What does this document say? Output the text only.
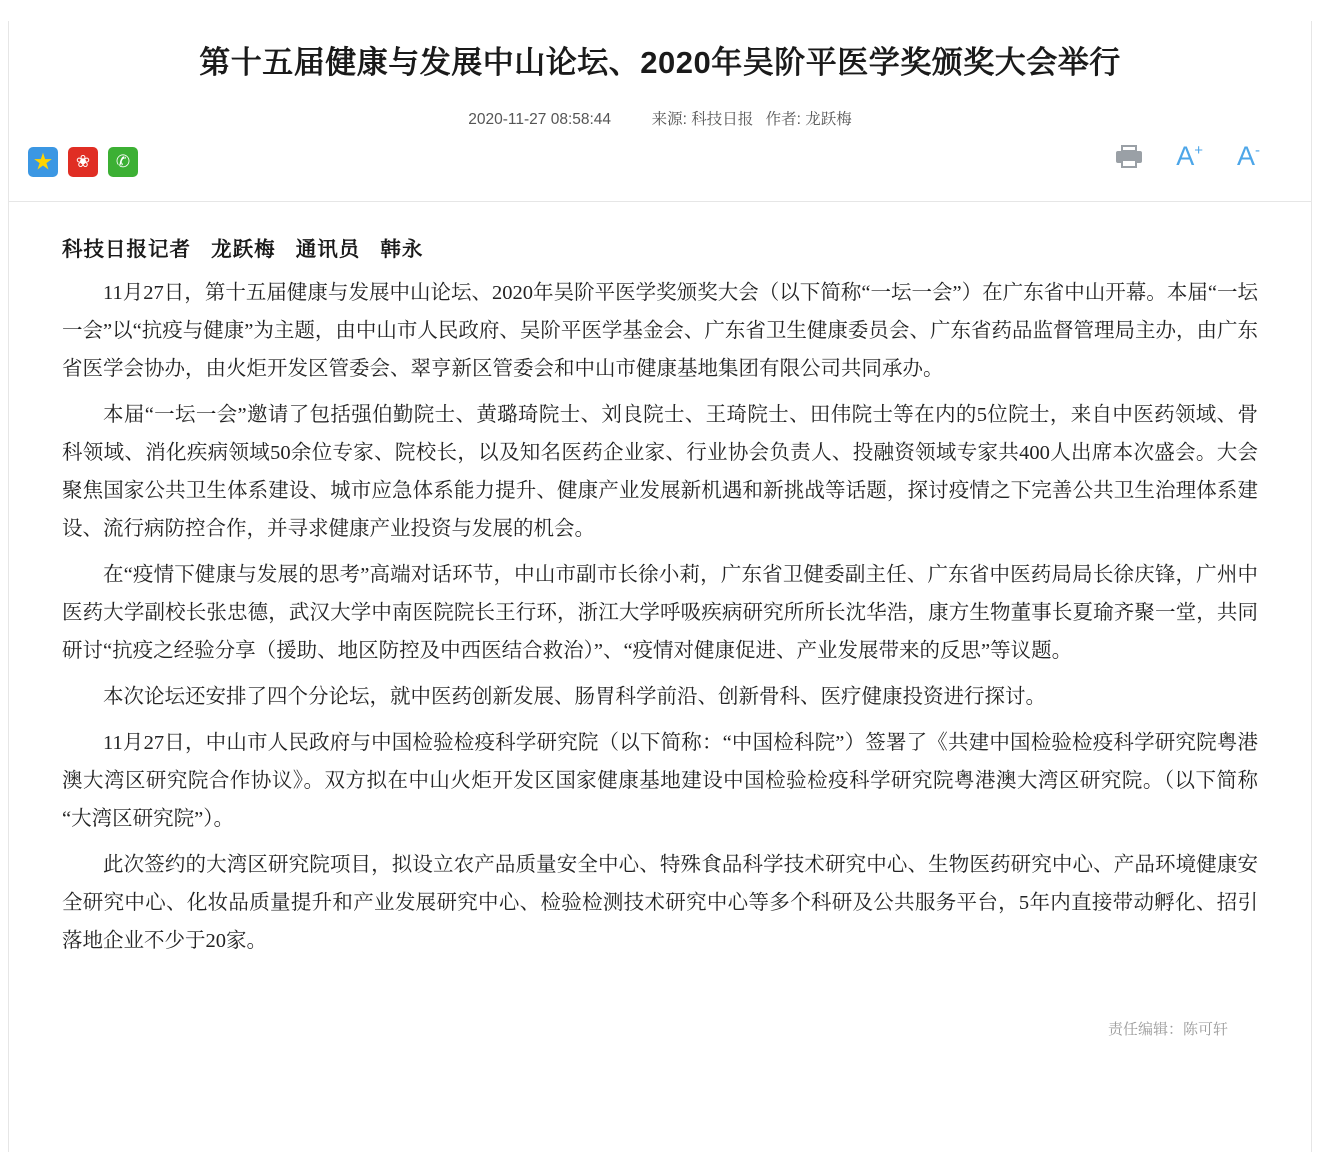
第十五届健康与发展中山论坛、2020年吴阶平医学奖颁奖大会举行
2020-11-27 08:58:44	来源: 科技日报 作者: 龙跃梅
★ ❀ ✆	A+ A-
科技日报记者 龙跃梅 通讯员 韩永

11月27日，第十五届健康与发展中山论坛、2020年吴阶平医学奖颁奖大会（以下简称“一坛一会”）在广东省中山开幕。本届“一坛一会”以“抗疫与健康”为主题，由中山市人民政府、吴阶平医学基金会、广东省卫生健康委员会、广东省药品监督管理局主办，由广东省医学会协办，由火炬开发区管委会、翠亨新区管委会和中山市健康基地集团有限公司共同承办。

本届“一坛一会”邀请了包括强伯勤院士、黄璐琦院士、刘良院士、王琦院士、田伟院士等在内的5位院士，来自中医药领域、骨科领域、消化疾病领域50余位专家、院校长，以及知名医药企业家、行业协会负责人、投融资领域专家共400人出席本次盛会。大会聚焦国家公共卫生体系建设、城市应急体系能力提升、健康产业发展新机遇和新挑战等话题，探讨疫情之下完善公共卫生治理体系建设、流行病防控合作，并寻求健康产业投资与发展的机会。

在“疫情下健康与发展的思考”高端对话环节，中山市副市长徐小莉，广东省卫健委副主任、广东省中医药局局长徐庆锋，广州中医药大学副校长张忠德，武汉大学中南医院院长王行环，浙江大学呼吸疾病研究所所长沈华浩，康方生物董事长夏瑜齐聚一堂，共同研讨“抗疫之经验分享（援助、地区防控及中西医结合救治）”、“疫情对健康促进、产业发展带来的反思”等议题。

本次论坛还安排了四个分论坛，就中医药创新发展、肠胃科学前沿、创新骨科、医疗健康投资进行探讨。

11月27日，中山市人民政府与中国检验检疫科学研究院（以下简称：“中国检科院”）签署了《共建中国检验检疫科学研究院粤港澳大湾区研究院合作协议》。双方拟在中山火炬开发区国家健康基地建设中国检验检疫科学研究院粤港澳大湾区研究院。（以下简称“大湾区研究院”）。

此次签约的大湾区研究院项目，拟设立农产品质量安全中心、特殊食品科学技术研究中心、生物医药研究中心、产品环境健康安全研究中心、化妆品质量提升和产业发展研究中心、检验检测技术研究中心等多个科研及公共服务平台，5年内直接带动孵化、招引落地企业不少于20家。

责任编辑：陈可轩
